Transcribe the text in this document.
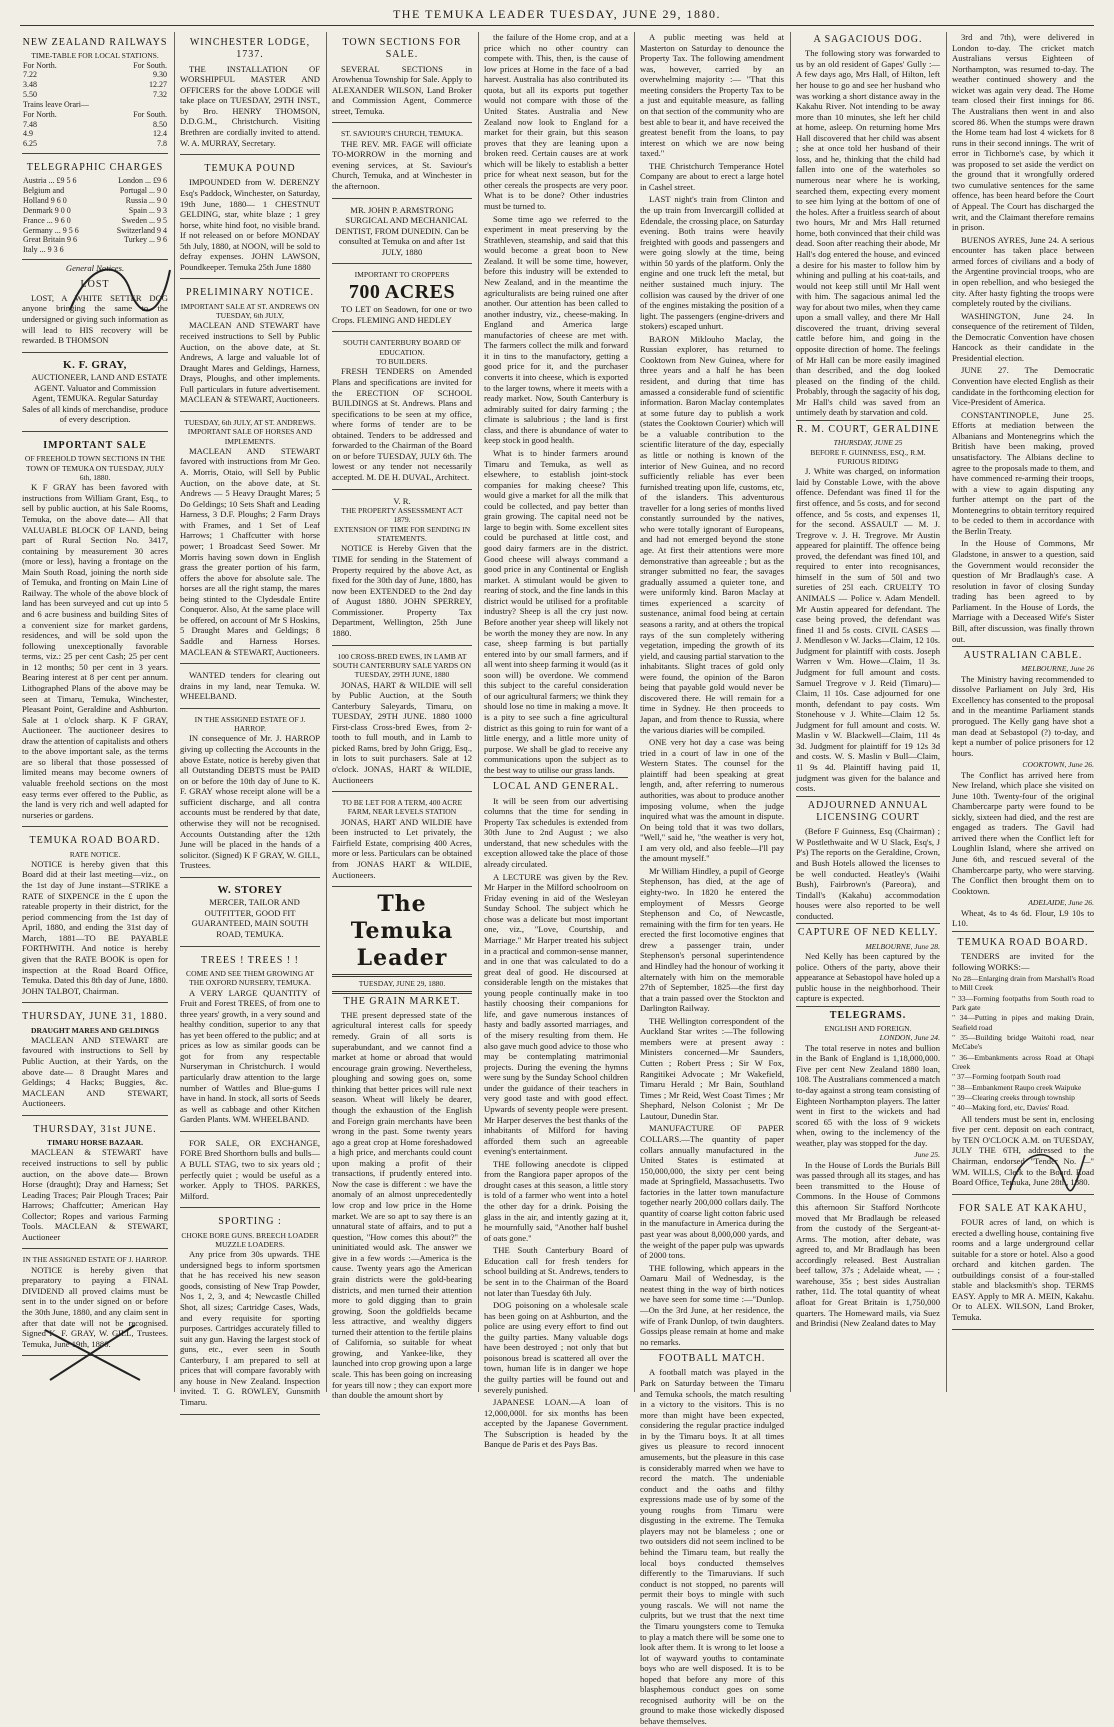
THE TEMUKA LEADER TUESDAY, JUNE 29, 1880.
NEW ZEALAND RAILWAYS
TIME-TABLE FOR LOCAL STATIONS.
For North.	For South.
7.22	9.30
3.48	12.27
5.50	7.32
Trains leave Orari—	
For North.	For South.
7.48	8.50
4.9	12.4
6.25	7.8
TELEGRAPHIC CHARGES
Austria ... £9 5 6	London ... £9 6
Belgium and	Portugal ... 9 0
Holland 9 6 0	Russia ... 9 0
Denmark 9 0 0	Spain ... 9 3
France ... 9 6 0	Sweden ... 9 5
Germany ... 9 5 6	Switzerland 9 4
Great Britain 9 6	Turkey ... 9 6
Italy ... 9 3 6	
General Notices.
LOST

LOST, A WHITE SETTER DOG anyone bringing the same to the undersigned or giving such information as will lead to HIS recovery will be rewarded. B THOMSON

K. F. GRAY,

AUCTIONEER, LAND AND ESTATE AGENT. Valuator and Commission Agent, TEMUKA. Regular Saturday Sales of all kinds of merchandise, produce of every description.

IMPORTANT SALE
OF FREEHOLD TOWN SECTIONS IN THE TOWN OF TEMUKA ON TUESDAY, JULY 6th, 1880.

K F GRAY has been favored with instructions from William Grant, Esq., to sell by public auction, at his Sale Rooms, Temuka, on the above date— All that VALUABLE BLOCK OF LAND, being part of Rural Section No. 3417, containing by measurement 30 acres (more or less), having a frontage on the Main South Road, joining the north side of Temuka, and fronting on Main Line of Railway. The whole of the above block of land has been surveyed and cut up into 5 and 6 acre business and building Sites of a convenient size for market gardens, residences, and will be sold upon the following unexceptionally favorable terms, viz.: 25 per cent Cash; 25 per cent in 12 months; 50 per cent in 3 years. Bearing interest at 8 per cent per annum. Lithographed Plans of the above may be seen at Timaru, Temuka, Winchester, Pleasant Point, Geraldine and Ashburton. Sale at 1 o'clock sharp. K F GRAY, Auctioneer. The auctioneer desires to draw the attention of capitalists and others to the above important sale, as the terms are so liberal that those possessed of limited means may become owners of valuable freehold sections on the most easy terms ever offered to the Public, as the land is very rich and well adapted for nurseries or gardens.

TEMUKA ROAD BOARD.
RATE NOTICE.

NOTICE is hereby given that this Board did at their last meeting—viz., on the 1st day of June instant—STRIKE a RATE of SIXPENCE in the £ upon the rateable property in their district, for the period commencing from the 1st day of April, 1880, and ending the 31st day of March, 1881—TO BE PAYABLE FORTHWITH. And notice is hereby given that the RATE BOOK is open for inspection at the Road Board Office, Temuka. Dated this 8th day of June, 1880. JOHN TALBOT, Chairman.

THURSDAY, JUNE 31, 1880.
DRAUGHT MARES AND GELDINGS

MACLEAN AND STEWART are favoured with instructions to Sell by Public Auction, at their Yards, on the above date— 8 Draught Mares and Geldings; 4 Hacks; Buggies, &c. MACLEAN AND STEWART, Auctioneers.

THURSDAY, 31st JUNE.
TIMARU HORSE BAZAAR.

MACLEAN & STEWART have received instructions to sell by public auction, on the above date— Brown Horse (draught); Dray and Harness; Set Leading Traces; Pair Plough Traces; Pair Harrows; Chaffcutter; American Hay Collector; Ropes and various Farming Tools. MACLEAN & STEWART, Auctioneer

IN THE ASSIGNED ESTATE OF J. HARROP.

NOTICE is hereby given that preparatory to paying a FINAL DIVIDEND all proved claims must be sent in to the under signed on or before the 30th June, 1880, and any claim sent in after that date will not be recognised. Signed K. F. GRAY, W. GILL, Trustees. Temuka, June 19th, 1880.

WINCHESTER LODGE, 1737.

THE INSTALLATION OF WORSHIPFUL MASTER AND OFFICERS for the above LODGE will take place on TUESDAY, 29TH INST., by Bro. HENRY THOMSON, D.D.G.M., Christchurch. Visiting Brethren are cordially invited to attend. W. A. MURRAY, Secretary.

TEMUKA POUND

IMPOUNDED from W. DERENZY Esq's Paddock, Winchester, on Saturday, 19th June, 1880— 1 CHESTNUT GELDING, star, white blaze ; 1 grey horse, white hind foot, no visible brand. If not released on or before MONDAY 5th July, 1880, at NOON, will be sold to defray expenses. JOHN LAWSON, Poundkeeper. Temuka 25th June 1880

PRELIMINARY NOTICE.
IMPORTANT SALE AT ST. ANDREWS ON TUESDAY, 6th JULY,

MACLEAN AND STEWART have received instructions to Sell by Public Auction, on the above date, at St. Andrews, A large and valuable lot of Draught Mares and Geldings, Harness, Drays, Ploughs, and other implements. Full particulars in future advertisement. MACLEAN & STEWART, Auctioneers.

TUESDAY, 6th JULY, AT ST. ANDREWS.
IMPORTANT SALE OF HORSES AND IMPLEMENTS.

MACLEAN AND STEWART favored with instructions from Mr Geo. A. Morris, Otaio, will Sell by Public Auction, on the above date, at St. Andrews — 5 Heavy Draught Mares; 5 Do Geldings; 10 Sets Shaft and Leading Harness, 3 D.F. Ploughs; 2 Farm Drays with Frames, and 1 Set of Leaf Harrows; 1 Chaffcutter with horse power; 1 Broadcast Seed Sower. Mr Morris having sown down in English grass the greater portion of his farm, offers the above for absolute sale. The horses are all the right stamp, the mares being stinted to the Clydesdale Entire Conqueror. Also, At the same place will be offered, on account of Mr S Hoskins, 5 Draught Mares and Geldings; 8 Saddle and Harness Horses. MACLEAN & STEWART, Auctioneers.

WANTED tenders for clearing out drains in my land, near Temuka. W. WHEELBAND.

IN THE ASSIGNED ESTATE OF J. HARROP.

IN consequence of Mr. J. HARROP giving up collecting the Accounts in the above Estate, notice is hereby given that all Outstanding DEBTS must be PAID on or before the 10th day of June to K. F. GRAY whose receipt alone will be a sufficient discharge, and all contra accounts must be rendered by that date, otherwise they will not be recognised. Accounts Outstanding after the 12th June will be placed in the hands of a solicitor. (Signed) K F GRAY, W. GILL, Trustees.

W. STOREY

MERCER, TAILOR AND OUTFITTER, GOOD FIT GUARANTEED, MAIN SOUTH ROAD, TEMUKA.

TREES ! TREES ! !
COME AND SEE THEM GROWING AT THE OXFORD NURSERY, TEMUKA.

A VERY LARGE QUANTITY of Fruit and Forest TREES, of from one to three years' growth, in a very sound and healthy condition, superior to any that has yet been offered to the public; and at prices as low as similar goods can be got for from any respectable Nurseryman in Christchurch. I would particularly draw attention to the large number of Wattles and Blue-gums I have in hand. In stock, all sorts of Seeds as well as cabbage and other Kitchen Garden Plants. WM. WHEELBAND.

FOR SALE, OR EXCHANGE, FORE Bred Shorthorn bulls and bulls—A BULL STAG, two to six years old ; perfectly quiet ; would be useful as a worker. Apply to THOS. PARKES, Milford.

SPORTING :
CHOKE BORE GUNS. BREECH LOADER MUZZLE LOADERS.

Any price from 30s upwards. THE undersigned begs to inform sportsmen that he has received his new season goods, consisting of New Trap Powder, Nos 1, 2, 3, and 4; Newcastle Chilled Shot, all sizes; Cartridge Cases, Wads, and every requisite for sporting purposes. Cartridges accurately filled to suit any gun. Having the largest stock of guns, etc., ever seen in South Canterbury, I am prepared to sell at prices that will compare favorably with any house in New Zealand. Inspection invited. T. G. ROWLEY, Gunsmith Timaru.

TOWN SECTIONS FOR SALE.

SEVERAL SECTIONS in Arowhenua Township for Sale. Apply to ALEXANDER WILSON, Land Broker and Commission Agent, Commerce street, Temuka.

ST. SAVIOUR'S CHURCH, TEMUKA.

THE REV. MR. FAGE will officiate TO-MORROW in the morning and evening services, at St. Saviour's Church, Temuka, and at Winchester in the afternoon.

MR. JOHN P. ARMSTRONG

SURGICAL AND MECHANICAL DENTIST, FROM DUNEDIN. Can be consulted at Temuka on and after 1st JULY, 1880

IMPORTANT TO CROPPERS
700 ACRES

TO LET on Seadown, for one or two Crops. FLEMING AND HEDLEY

SOUTH CANTERBURY BOARD OF EDUCATION.
TO BUILDERS.

FRESH TENDERS on Amended Plans and specifications are invited for the ERECTION OF SCHOOL BUILDINGS at St. Andrews. Plans and specifications to be seen at my office, where forms of tender are to be obtained. Tenders to be addressed and forwarded to the Chairman of the Board on or before TUESDAY, JULY 6th. The lowest or any tender not necessarily accepted. M. DE H. DUVAL, Architect.

V. R.
THE PROPERTY ASSESSMENT ACT 1879.
EXTENSION OF TIME FOR SENDING IN STATEMENTS.

NOTICE is Hereby Given that the TIME for sending in the Statement of Property required by the above Act, as fixed for the 30th day of June, 1880, has now been EXTENDED to the 2nd day of August 1880. JOHN SPERREY, Commissioner. Property Tax Department, Wellington, 25th June 1880.

100 CROSS-BRED EWES, IN LAMB AT SOUTH CANTERBURY SALE YARDS ON TUESDAY, 29TH JUNE, 1880

JONAS, HART & WILDIE will sell by Public Auction, at the South Canterbury Saleyards, Timaru, on TUESDAY, 29TH JUNE. 1880 1000 First-class Cross-bred Ewes, from 2-tooth to full mouth, and in Lamb to picked Rams, bred by John Grigg, Esq., in lots to suit purchasers. Sale at 12 o'clock. JONAS, HART & WILDIE, Auctioneers

TO BE LET FOR A TERM, 400 ACRE FARM, NEAR LEVELS STATION

JONAS, HART AND WILDIE have been instructed to Let privately, the Fairfield Estate, comprising 400 Acres, more or less. Particulars can be obtained from JONAS HART & WILDIE, Auctioneers.

The Temuka Leader
TUESDAY, JUNE 29, 1880.
THE GRAIN MARKET.

THE present depressed state of the agricultural interest calls for speedy remedy. Grain of all sorts is superabundant, and we cannot find a market at home or abroad that would encourage grain growing. Nevertheless, ploughing and sowing goes on, some thinking that better prices will rule next season. Wheat will likely be dearer, though the exhaustion of the English and Foreign grain merchants have been wrong in the past. Some twenty years ago a great crop at Home foreshadowed a high price, and merchants could count upon making a profit of their transactions, if prudently entered into. Now the case is different : we have the anomaly of an almost unprecedentedly low crop and low price in the Home market. We are so apt to say there is an unnatural state of affairs, and to put a question, "How comes this about?" the uninitiated would ask. The answer we give in a few words :—America is the cause. Twenty years ago the American grain districts were the gold-bearing districts, and men turned their attention more to gold digging than to grain growing. Soon the goldfields became less attractive, and wealthy diggers turned their attention to the fertile plains of California, so suitable for wheat growing, and Yankee-like, they launched into crop growing upon a large scale. This has been going on increasing for years till now ; they can export more than double the amount short by

the failure of the Home crop, and at a price which no other country can compete with. This, then, is the cause of low prices at Home in the face of a bad harvest. Australia has also contributed its quota, but all its exports put together would not compare with those of the United States. Australia and New Zealand now look to England for a market for their grain, but this season proves that they are leaning upon a broken reed. Certain causes are at work which will be likely to establish a better price for wheat next season, but for the other cereals the prospects are very poor. What is to be done? Other industries must be turned to.

Some time ago we referred to the experiment in meat preserving by the Strathleven, steamship, and said that this would become a great boon to New Zealand. It will be some time, however, before this industry will be extended to New Zealand, and in the meantime the agriculturalists are being ruined one after another. Our attention has been called to another industry, viz., cheese-making. In England and America large manufactories of cheese are met with. The farmers collect the milk and forward it in tins to the manufactory, getting a good price for it, and the purchaser converts it into cheese, which is exported to the larger towns, where it meets with a ready market. Now, South Canterbury is admirably suited for dairy farming ; the climate is salubrious ; the land is first class, and there is abundance of water to keep stock in good health.

What is to hinder farmers around Timaru and Temuka, as well as elsewhere, to establish joint-stock companies for making cheese? This would give a market for all the milk that could be collected, and pay better than grain growing. The capital need not be large to begin with. Some excellent sites could be purchased at little cost, and good dairy farmers are in the district. Good cheese will always command a good price in any Continental or English market. A stimulant would be given to rearing of stock, and the fine lands in this district would be utilised for a profitable industry? Sheep is all the cry just now. Before another year sheep will likely not be worth the money they are now. In any case, sheep farming is but partially entered into by our small farmers, and if all went into sheep farming it would (as it soon will) be overdone. We commend this subject to the careful consideration of our agricultural farmers; we think they should lose no time in making a move. It is a pity to see such a fine agricultural district as this going to ruin for want of a little energy, and a little more unity of purpose. We shall be glad to receive any communications upon the subject as to the best way to utilise our grass lands.

LOCAL AND GENERAL.

It will be seen from our advertising columns that the time for sending in Property Tax schedules is extended from 30th June to 2nd August ; we also understand, that new schedules with the exception allowed take the place of those already circulated.

A LECTURE was given by the Rev. Mr Harper in the Milford schoolroom on Friday evening in aid of the Wesleyan Sunday School. The subject which he chose was a delicate but most important one, viz., "Love, Courtship, and Marriage." Mr Harper treated his subject in a practical and common-sense manner, and in one that was calculated to do a great deal of good. He discoursed at considerable length on the mistakes that young people continually make in too hastily choosing their companions for life, and gave numerous instances of hasty and badly assorted marriages, and of the misery resulting from them. He also gave much good advice to those who may be contemplating matrimonial projects. During the evening the hymns were sung by the Sunday School children under the guidance of their teachers in very good taste and with good effect. Upwards of seventy people were present. Mr Harper deserves the best thanks of the inhabitants of Milford for having afforded them such an agreeable evening's entertainment.

THE following anecdote is clipped from the Rangiora paper apropos of the drought cases at this season, a little story is told of a farmer who went into a hotel the other day for a drink. Poising the glass in the air, and intently gazing at it, he mournfully said, "Another half bushel of oats gone."

THE South Canterbury Board of Education call for fresh tenders for school building at St. Andrews, tenders to be sent in to the Chairman of the Board not later than Tuesday 6th July.

DOG poisoning on a wholesale scale has been going on at Ashburton, and the police are using every effort to find out the guilty parties. Many valuable dogs have been destroyed ; not only that but poisonous bread is scattered all over the town, human life is in danger we hope the guilty parties will be found out and severely punished.

JAPANESE LOAN.—A loan of 12,000,000l. for six months has been accepted by the Japanese Government. The Subscription is headed by the Banque de Paris et des Pays Bas.

A public meeting was held at Masterton on Saturday to denounce the Property Tax. The following amendment was, however, carried by an overwhelming majority :— "That this meeting considers the Property Tax to be a just and equitable measure, as falling on that section of the community who are best able to bear it, and have received the greatest benefit from the loans, to pay interest on which we are now being taxed."

THE Christchurch Temperance Hotel Company are about to erect a large hotel in Cashel street.

LAST night's train from Clinton and the up train from Invercargill collided at Edendale, the crossing place, on Saturday evening. Both trains were heavily freighted with goods and passengers and were going slowly at the time, being within 50 yards of the platform. Only the engine and one truck left the metal, but neither sustained much injury. The collision was caused by the driver of one of the engines mistaking the position of a light. The passengers (engine-drivers and stokers) escaped unhurt.

BARON Miklouho Maclay, the Russian explorer, has returned to Cooktown from New Guinea, where for three years and a half he has been resident, and during that time has amassed a considerable fund of scientific information. Baron Maclay contemplates at some future day to publish a work (states the Cooktown Courier) which will be a valuable contribution to the scientific literature of the day, especially as little or nothing is known of the interior of New Guinea, and no record sufficiently reliable has ever been furnished treating upon life, customs, etc, of the islanders. This adventurous traveller for a long series of months lived constantly surrounded by the natives, who were totally ignorant of Europeans, and had not emerged beyond the stone age. At first their attentions were more demonstrative than agreeable ; but as the stranger submitted no fear, the savages gradually assumed a quieter tone, and were uniformly kind. Baron Maclay at times experienced a scarcity of sustenance, animal food being at certain seasons a rarity, and at others the tropical rays of the sun completely withering vegetation, impeding the growth of its yield, and causing partial starvation to the inhabitants. Slight traces of gold only were found, the opinion of the Baron being that payable gold would never be discovered there. He will remain for a time in Sydney. He then proceeds to Japan, and from thence to Russia, where the various diaries will be compiled.

ONE very hot day a case was being tried in a court of law in one of the Western States. The counsel for the plaintiff had been speaking at great length, and, after referring to numerous authorities, was about to produce another imposing volume, when the judge inquired what was the amount in dispute. On being told that it was two dollars, "Well," said he, "the weather is very hot, I am very old, and also feeble—I'll pay the amount myself."

Mr William Hindley, a pupil of George Stephenson, has died, at the age of eighty-two. In 1820 he entered the employment of Messrs George Stephenson and Co, of Newcastle, remaining with the firm for ten years. He erected the first locomotive engines that drew a passenger train, under Stephenson's personal superintendence and Hindley had the honour of working it alternately with him on the memorable 27th of September, 1825—the first day that a train passed over the Stockton and Darlington Railway.

THE Wellington correspondent of the Auckland Star writes :—The following members were at present away : Ministers concerned—Mr Saunders, Cutten ; Robert Press ; Sir W Fox, Rangitikei Advocate ; Mr Wakefield, Timaru Herald ; Mr Bain, Southland Times ; Mr Reid, West Coast Times ; Mr Shephard, Nelson Colonist ; Mr De Lautour, Dunedin Star.

MANUFACTURE OF PAPER COLLARS.—The quantity of paper collars annually manufactured in the United States is estimated at 150,000,000, the sixty per cent being made at Springfield, Massachusetts. Two factories in the latter town manufacture together nearly 200,000 collars daily. The quantity of coarse light cotton fabric used in the manufacture in America during the past year was about 8,000,000 yards, and the weight of the paper pulp was upwards of 2000 tons.

THE following, which appears in the Oamaru Mail of Wednesday, is the neatest thing in the way of birth notices we have seen for some time :—"Dunlop.—On the 3rd June, at her residence, the wife of Frank Dunlop, of twin daughters. Gossips please remain at home and make no remarks.

FOOTBALL MATCH.

A football match was played in the Park on Saturday between the Timaru and Temuka schools, the match resulting in a victory to the visitors. This is no more than might have been expected, considering the regular practice indulged in by the Timaru boys. It at all times gives us pleasure to record innocent amusements, but the pleasure in this case is considerably marred when we have to record the match. The undeniable conduct and the oaths and filthy expressions made use of by some of the young roughs from Timaru were disgusting in the extreme. The Temuka players may not be blameless ; one or two outsiders did not seem inclined to be behind the Timaru team, but really the local boys conducted themselves differently to the Timaruvians. If such conduct is not stopped, no parents will permit their boys to mingle with such young rascals. We will not name the culprits, but we trust that the next time the Timaru youngsters come to Temuka to play a match there will be some one to look after them. It is wrong to let loose a lot of wayward youths to contaminate boys who are well disposed. It is to be hoped that before any more of this blasphemous conduct goes on some recognised authority will be on the ground to make those wickedly disposed behave themselves.

A SAGACIOUS DOG.

The following story was forwarded to us by an old resident of Gapes' Gully :—A few days ago, Mrs Hall, of Hilton, left her house to go and see her husband who was working a short distance away in the Kakahu River. Not intending to be away more than 10 minutes, she left her child at home, asleep. On returning home Mrs Hall discovered that her child was absent ; she at once told her husband of their loss, and he, thinking that the child had fallen into one of the waterholes so numerous near where he is working, searched them, expecting every moment to see him lying at the bottom of one of the holes. After a fruitless search of about two hours, Mr and Mrs Hall returned home, both convinced that their child was dead. Soon after reaching their abode, Mr Hall's dog entered the house, and evinced a desire for his master to follow him by whining and pulling at his coat-tails, and would not keep still until Mr Hall went with him. The sagacious animal led the way for about two miles, when they came upon a small valley, and there Mr Hall discovered the truant, driving several cattle before him, and going in the opposite direction of home. The feelings of Mr Hall can be more easily imagined than described, and the dog looked pleased on the finding of the child. Probably, through the sagacity of his dog, Mr Hall's child was saved from an untimely death by starvation and cold.

R. M. COURT, GERALDINE
THURSDAY, JUNE 25
BEFORE F. GUINNESS, ESQ., R.M.
FURIOUS RIDING

J. White was charged, on information laid by Constable Lowe, with the above offence. Defendant was fined 1l for the first offence, and 5s costs, and for second offence, and 5s costs, and expenses 1l, for the second. ASSAULT — M. J. Tregrove v. J. H. Tregrove. Mr Austin appeared for plaintiff. The offence being proved, the defendant was fined 10l, and required to enter into recognisances, himself in the sum of 50l and two sureties of 25l each. CRUELTY TO ANIMALS — Police v. Adam Mendell. Mr Austin appeared for defendant. The case being proved, the defendant was fined 1l and 5s costs. CIVIL CASES — J. Mendleson v W. Jacks—Claim, 12 10s. Judgment for plaintiff with costs. Joseph Warren v Wm. Howe—Claim, 1l 3s. Judgment for full amount and costs. Samuel Tregrove v J. Reid (Timaru)—Claim, 1l 10s. Case adjourned for one month, defendant to pay costs. Wm Stonehouse v J. White—Claim 12 5s. Judgment for full amount and costs. W. Maslin v W. Blackwell—Claim, 11l 4s 3d. Judgment for plaintiff for 19 12s 3d and costs. W. S. Maslin v Bull—Claim, 1l 9s 4d. Plaintiff having paid 1l, judgment was given for the balance and costs.

ADJOURNED ANNUAL LICENSING COURT

(Before F Guinness, Esq (Chairman) ; W Postlethwaite and W U Slack, Esq's, J P's) The reports on the Geraldine, Crown, and Bush Hotels allowed the licenses to be well conducted. Heatley's (Waihi Bush), Fairbrown's (Pareora), and Tindall's (Kakahu) accommodation houses were also reported to be well conducted.

CAPTURE OF NED KELLY.
MELBOURNE, June 28.

Ned Kelly has been captured by the police. Others of the party, above their appearance at Sebastopol have holed up a public house in the neighborhood. Their capture is expected.

TELEGRAMS.
ENGLISH AND FOREIGN.
LONDON, June 24.

The total reserve in notes and bullion in the Bank of England is 1,18,000,000. Five per cent New Zealand 1880 loan, 108. The Australians commenced a match to-day against a strong team consisting of Eighteen Northampton players. The latter went in first to the wickets and had scored 65 with the loss of 9 wickets when, owing to the inclemency of the weather, play was stopped for the day.

June 25.

In the House of Lords the Burials Bill was passed through all its stages, and has been transmitted to the House of Commons. In the House of Commons this afternoon Sir Stafford Northcote moved that Mr Bradlaugh be released from the custody of the Sergeant-at-Arms. The motion, after debate, was agreed to, and Mr Bradlaugh has been accordingly released. Best Australian beef tallow, 37s ; Adelaide wheat, — ; warehouse, 35s ; best sides Australian rather, 11d. The total quantity of wheat afloat for Great Britain is 1,750,000 quarters. The Homeward mails, via Suez and Brindisi (New Zealand dates to May

3rd and 7th), were delivered in London to-day. The cricket match Australians versus Eighteen of Northampton, was resumed to-day. The weather continued showery and the wicket was again very dead. The Home team closed their first innings for 86. The Australians then went in and also scored 86. When the stumps were drawn the Home team had lost 4 wickets for 8 runs in their second innings. The writ of error in Tichborne's case, by which it was proposed to set aside the verdict on the ground that it wrongfully ordered two cumulative sentences for the same offence, has been heard before the Court of Appeal. The Court has discharged the writ, and the Claimant therefore remains in prison.

BUENOS AYRES, June 24. A serious encounter has taken place between armed forces of civilians and a body of the Argentine provincial troops, who are in open rebellion, and who besieged the city. After hasty fighting the troops were completely routed by the civilians.

WASHINGTON, June 24. In consequence of the retirement of Tilden, the Democratic Convention have chosen Hancock as their candidate in the Presidential election.

JUNE 27. The Democratic Convention have elected English as their candidate in the forthcoming election for Vice-President of America.

CONSTANTINOPLE, June 25. Efforts at mediation between the Albanians and Montenegrins which the British have been making, proved unsatisfactory. The Albians decline to agree to the proposals made to them, and have commenced re-arming their troops, with a view to again disputing any further attempt on the part of the Montenegrins to obtain territory required to be ceded to them in accordance with the Berlin Treaty.

In the House of Commons, Mr Gladstone, in answer to a question, said the Government would reconsider the question of Mr Bradlaugh's case. A resolution in favor of closing Sunday trading has been agreed to by Parliament. In the House of Lords, the Marriage with a Deceased Wife's Sister Bill, after discussion, was finally thrown out.

AUSTRALIAN CABLE.
MELBOURNE, June 26

The Ministry having recommended to dissolve Parliament on July 3rd, His Excellency has consented to the proposal and in the meantime Parliament stands prorogued. The Kelly gang have shot a man dead at Sebastopol (?) to-day, and kept a number of police prisoners for 12 hours.

COOKTOWN, June 26.

The Conflict has arrived here from New Ireland, which place she visited on June 10th. Twenty-four of the original Chambercarpe party were found to be sickly, sixteen had died, and the rest are engaged as traders. The Gavil had arrived there when the Conflict left for Loughlin Island, where she arrived on June 6th, and rescued several of the Chambercarpe party, who were starving. The Conflict then brought them on to Cooktown.

ADELAIDE, June 26.

Wheat, 4s to 4s 6d. Flour, L9 10s to L10.

TEMUKA ROAD BOARD.

TENDERS are invited for the following WORKS:—

No 28—Enlarging drain from Marshall's Road to Mill Creek
" 33—Forming footpaths from South road to Park gate
" 34—Putting in pipes and making Drain, Seafield road
" 35—Building bridge Waitohi road, near McCabe's
" 36—Embankments across Road at Ohapi Creek
" 37—Forming footpath South road
" 38—Embankment Raupo creek Waipuke
" 39—Clearing creeks through township
" 40—Making ford, etc, Davies' Road.

All tenders must be sent in, enclosing five per cent. deposit on each contract, by TEN O'CLOCK A.M. on TUESDAY, JULY THE 6TH, addressed to the Chairman, endorsed "Tender No. —" WM. WILLS, Clerk to the Board. Road Board Office, Temuka, June 28th, 1880.

FOR SALE AT KAKAHU,

FOUR acres of land, on which is erected a dwelling house, containing five rooms and a large underground cellar suitable for a store or hotel. Also a good orchard and kitchen garden. The outbuildings consist of a four-stalled stable and blacksmith's shop. TERMS EASY. Apply to MR A. MEIN, Kakahu. Or to ALEX. WILSON, Land Broker, Temuka.
